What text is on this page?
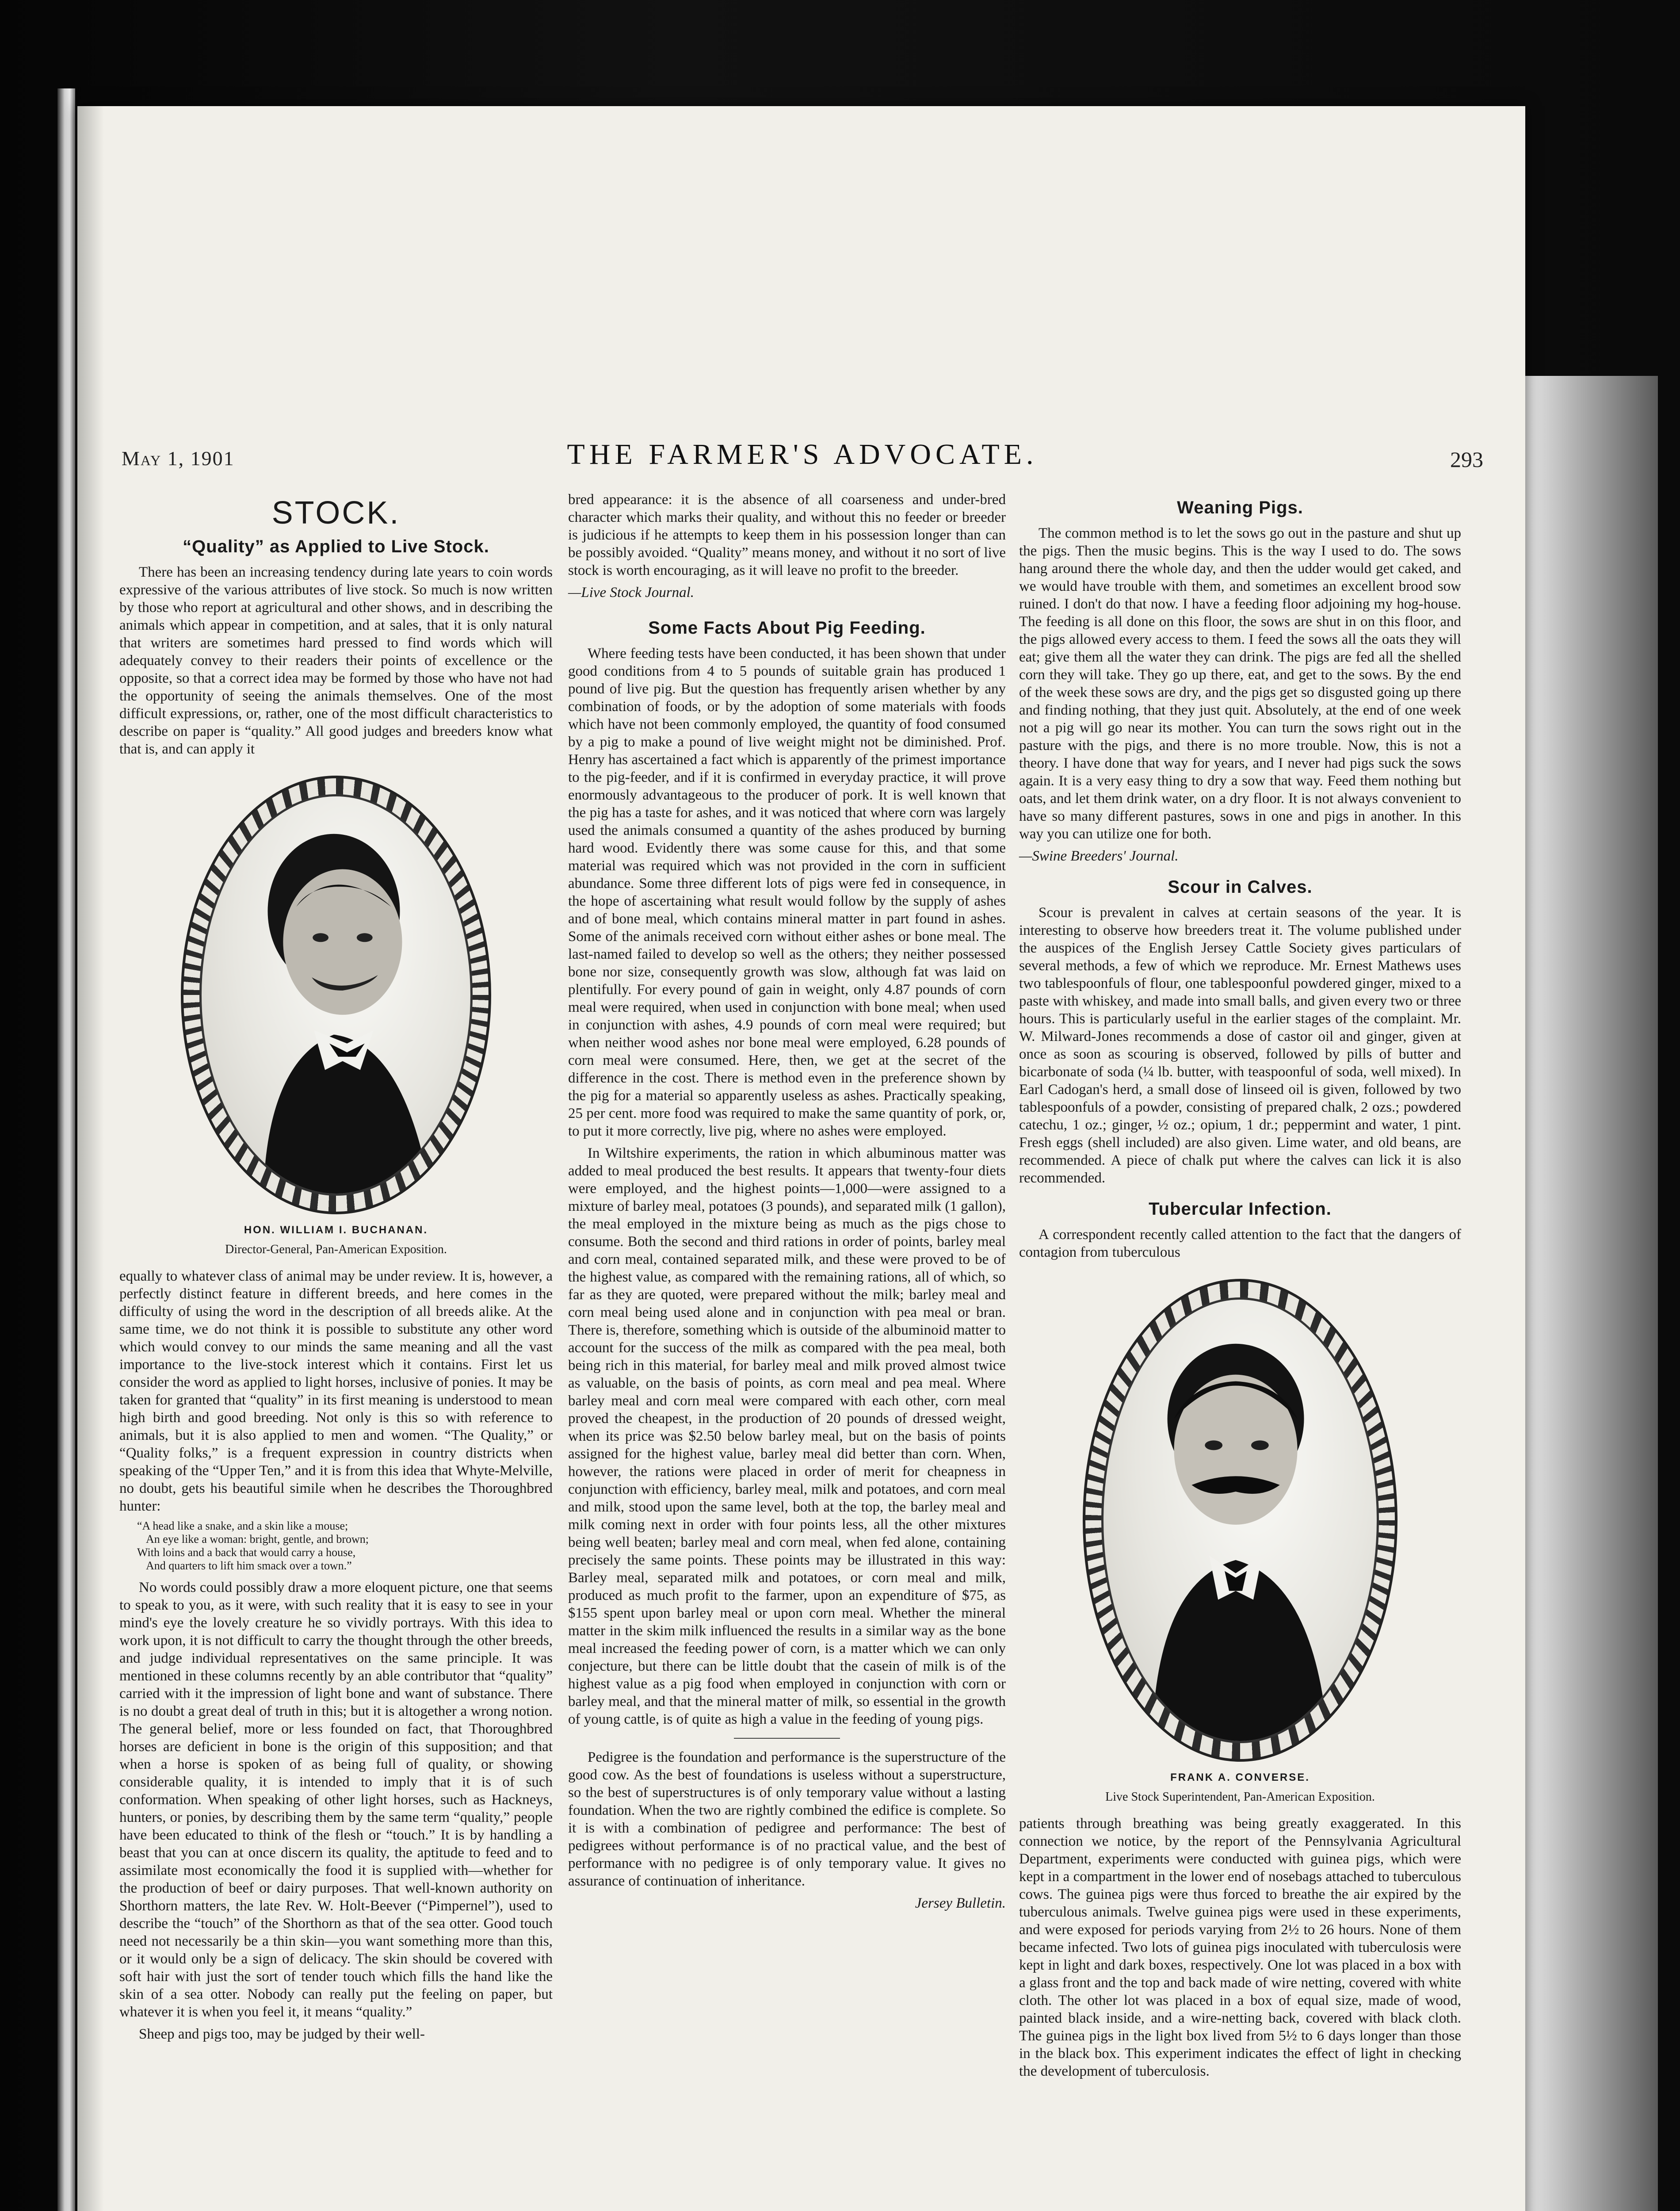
May 1, 1901	THE FARMER'S ADVOCATE.	293
STOCK.
“Quality” as Applied to Live Stock.

There has been an increasing tendency during late years to coin words expressive of the various attributes of live stock. So much is now written by those who report at agricultural and other shows, and in describing the animals which appear in competition, and at sales, that it is only natural that writers are sometimes hard pressed to find words which will adequately convey to their readers their points of excellence or the opposite, so that a correct idea may be formed by those who have not had the opportunity of seeing the animals themselves. One of the most difficult expressions, or, rather, one of the most difficult characteristics to describe on paper is “quality.” All good judges and breeders know what that is, and can apply it

HON. WILLIAM I. BUCHANAN.
Director-General, Pan-American Exposition.

equally to whatever class of animal may be under review. It is, however, a perfectly distinct feature in different breeds, and here comes in the difficulty of using the word in the description of all breeds alike. At the same time, we do not think it is possible to substitute any other word which would convey to our minds the same meaning and all the vast importance to the live-stock interest which it contains. First let us consider the word as applied to light horses, inclusive of ponies. It may be taken for granted that “quality” in its first meaning is understood to mean high birth and good breeding. Not only is this so with reference to animals, but it is also applied to men and women. “The Quality,” or “Quality folks,” is a frequent expression in country districts when speaking of the “Upper Ten,” and it is from this idea that Whyte-Melville, no doubt, gets his beautiful simile when he describes the Thoroughbred hunter:

“A head like a snake, and a skin like a mouse;
An eye like a woman: bright, gentle, and brown;
With loins and a back that would carry a house,
And quarters to lift him smack over a town.”

No words could possibly draw a more eloquent picture, one that seems to speak to you, as it were, with such reality that it is easy to see in your mind's eye the lovely creature he so vividly portrays. With this idea to work upon, it is not difficult to carry the thought through the other breeds, and judge individual representatives on the same principle. It was mentioned in these columns recently by an able contributor that “quality” carried with it the impression of light bone and want of substance. There is no doubt a great deal of truth in this; but it is altogether a wrong notion. The general belief, more or less founded on fact, that Thoroughbred horses are deficient in bone is the origin of this supposition; and that when a horse is spoken of as being full of quality, or showing considerable quality, it is intended to imply that it is of such conformation. When speaking of other light horses, such as Hackneys, hunters, or ponies, by describing them by the same term “quality,” people have been educated to think of the flesh or “touch.” It is by handling a beast that you can at once discern its quality, the aptitude to feed and to assimilate most economically the food it is supplied with—whether for the production of beef or dairy purposes. That well-known authority on Shorthorn matters, the late Rev. W. Holt-Beever (“Pimpernel”), used to describe the “touch” of the Shorthorn as that of the sea otter. Good touch need not necessarily be a thin skin—you want something more than this, or it would only be a sign of delicacy. The skin should be covered with soft hair with just the sort of tender touch which fills the hand like the skin of a sea otter. Nobody can really put the feeling on paper, but whatever it is when you feel it, it means “quality.”

Sheep and pigs too, may be judged by their well-

bred appearance: it is the absence of all coarseness and under-bred character which marks their quality, and without this no feeder or breeder is judicious if he attempts to keep them in his possession longer than can be possibly avoided. “Quality” means money, and without it no sort of live stock is worth encouraging, as it will leave no profit to the breeder.

—Live Stock Journal.
Some Facts About Pig Feeding.

Where feeding tests have been conducted, it has been shown that under good conditions from 4 to 5 pounds of suitable grain has produced 1 pound of live pig. But the question has frequently arisen whether by any combination of foods, or by the adoption of some materials with foods which have not been commonly employed, the quantity of food consumed by a pig to make a pound of live weight might not be diminished. Prof. Henry has ascertained a fact which is apparently of the primest importance to the pig-feeder, and if it is confirmed in everyday practice, it will prove enormously advantageous to the producer of pork. It is well known that the pig has a taste for ashes, and it was noticed that where corn was largely used the animals consumed a quantity of the ashes produced by burning hard wood. Evidently there was some cause for this, and that some material was required which was not provided in the corn in sufficient abundance. Some three different lots of pigs were fed in consequence, in the hope of ascertaining what result would follow by the supply of ashes and of bone meal, which contains mineral matter in part found in ashes. Some of the animals received corn without either ashes or bone meal. The last-named failed to develop so well as the others; they neither possessed bone nor size, consequently growth was slow, although fat was laid on plentifully. For every pound of gain in weight, only 4.87 pounds of corn meal were required, when used in conjunction with bone meal; when used in conjunction with ashes, 4.9 pounds of corn meal were required; but when neither wood ashes nor bone meal were employed, 6.28 pounds of corn meal were consumed. Here, then, we get at the secret of the difference in the cost. There is method even in the preference shown by the pig for a material so apparently useless as ashes. Practically speaking, 25 per cent. more food was required to make the same quantity of pork, or, to put it more correctly, live pig, where no ashes were employed.

In Wiltshire experiments, the ration in which albuminous matter was added to meal produced the best results. It appears that twenty-four diets were employed, and the highest points—1,000—were assigned to a mixture of barley meal, potatoes (3 pounds), and separated milk (1 gallon), the meal employed in the mixture being as much as the pigs chose to consume. Both the second and third rations in order of points, barley meal and corn meal, contained separated milk, and these were proved to be of the highest value, as compared with the remaining rations, all of which, so far as they are quoted, were prepared without the milk; barley meal and corn meal being used alone and in conjunction with pea meal or bran. There is, therefore, something which is outside of the albuminoid matter to account for the success of the milk as compared with the pea meal, both being rich in this material, for barley meal and milk proved almost twice as valuable, on the basis of points, as corn meal and pea meal. Where barley meal and corn meal were compared with each other, corn meal proved the cheapest, in the production of 20 pounds of dressed weight, when its price was $2.50 below barley meal, but on the basis of points assigned for the highest value, barley meal did better than corn. When, however, the rations were placed in order of merit for cheapness in conjunction with efficiency, barley meal, milk and potatoes, and corn meal and milk, stood upon the same level, both at the top, the barley meal and milk coming next in order with four points less, all the other mixtures being well beaten; barley meal and corn meal, when fed alone, containing precisely the same points. These points may be illustrated in this way: Barley meal, separated milk and potatoes, or corn meal and milk, produced as much profit to the farmer, upon an expenditure of $75, as $155 spent upon barley meal or upon corn meal. Whether the mineral matter in the skim milk influenced the results in a similar way as the bone meal increased the feeding power of corn, is a matter which we can only conjecture, but there can be little doubt that the casein of milk is of the highest value as a pig food when employed in conjunction with corn or barley meal, and that the mineral matter of milk, so essential in the growth of young cattle, is of quite as high a value in the feeding of young pigs.

Pedigree is the foundation and performance is the superstructure of the good cow. As the best of foundations is useless without a superstructure, so the best of superstructures is of only temporary value without a lasting foundation. When the two are rightly combined the edifice is complete. So it is with a combination of pedigree and performance: The best of pedigrees without performance is of no practical value, and the best of performance with no pedigree is of only temporary value. It gives no assurance of continuation of inheritance.

Jersey Bulletin.
Weaning Pigs.

The common method is to let the sows go out in the pasture and shut up the pigs. Then the music begins. This is the way I used to do. The sows hang around there the whole day, and then the udder would get caked, and we would have trouble with them, and sometimes an excellent brood sow ruined. I don't do that now. I have a feeding floor adjoining my hog-house. The feeding is all done on this floor, the sows are shut in on this floor, and the pigs allowed every access to them. I feed the sows all the oats they will eat; give them all the water they can drink. The pigs are fed all the shelled corn they will take. They go up there, eat, and get to the sows. By the end of the week these sows are dry, and the pigs get so disgusted going up there and finding nothing, that they just quit. Absolutely, at the end of one week not a pig will go near its mother. You can turn the sows right out in the pasture with the pigs, and there is no more trouble. Now, this is not a theory. I have done that way for years, and I never had pigs suck the sows again. It is a very easy thing to dry a sow that way. Feed them nothing but oats, and let them drink water, on a dry floor. It is not always convenient to have so many different pastures, sows in one and pigs in another. In this way you can utilize one for both.

—Swine Breeders' Journal.
Scour in Calves.

Scour is prevalent in calves at certain seasons of the year. It is interesting to observe how breeders treat it. The volume published under the auspices of the English Jersey Cattle Society gives particulars of several methods, a few of which we reproduce. Mr. Ernest Mathews uses two tablespoonfuls of flour, one tablespoonful powdered ginger, mixed to a paste with whiskey, and made into small balls, and given every two or three hours. This is particularly useful in the earlier stages of the complaint. Mr. W. Milward-Jones recommends a dose of castor oil and ginger, given at once as soon as scouring is observed, followed by pills of butter and bicarbonate of soda (¼ lb. butter, with teaspoonful of soda, well mixed). In Earl Cadogan's herd, a small dose of linseed oil is given, followed by two tablespoonfuls of a powder, consisting of prepared chalk, 2 ozs.; powdered catechu, 1 oz.; ginger, ½ oz.; opium, 1 dr.; peppermint and water, 1 pint. Fresh eggs (shell included) are also given. Lime water, and old beans, are recommended. A piece of chalk put where the calves can lick it is also recommended.

Tubercular Infection.

A correspondent recently called attention to the fact that the dangers of contagion from tuberculous

FRANK A. CONVERSE.
Live Stock Superintendent, Pan-American Exposition.

patients through breathing was being greatly exaggerated. In this connection we notice, by the report of the Pennsylvania Agricultural Department, experiments were conducted with guinea pigs, which were kept in a compartment in the lower end of nosebags attached to tuberculous cows. The guinea pigs were thus forced to breathe the air expired by the tuberculous animals. Twelve guinea pigs were used in these experiments, and were exposed for periods varying from 2½ to 26 hours. None of them became infected. Two lots of guinea pigs inoculated with tuberculosis were kept in light and dark boxes, respectively. One lot was placed in a box with a glass front and the top and back made of wire netting, covered with white cloth. The other lot was placed in a box of equal size, made of wood, painted black inside, and a wire-netting back, covered with black cloth. The guinea pigs in the light box lived from 5½ to 6 days longer than those in the black box. This experiment indicates the effect of light in checking the development of tuberculosis.
